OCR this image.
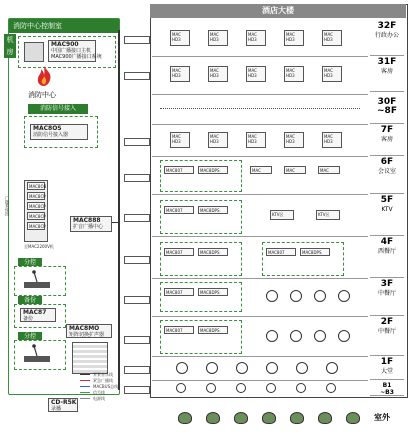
消防中心控制室
机房
MAC900
中国广播接口主机
MAC900广播接口系统
消防中心
消防信号接入
MAC8OS
消防信号接入器
MAC8OB
MAC8CP
MAC8CP
MAC8CP
MAC8CP
至MAC2200V机
MAC888
扩音广播中心
广播系统图
分控
备份
MAC87
备份
分控
MAC8MO
矩阵切换扩声器
CD-R5K
录播
背景音乐线
紧急广播线
MACBUS总线
信号线
电源线
酒店大楼
32F
行政办公
31F
客房
30F
~8F
7F
客房
6F
会议室
5F
KTV
4F
西餐厅
3F
中餐厅
2F
中餐厅
1F
大堂
B1
~B3
MAC
HD3
MAC
HD3
MAC
HD3
MAC
HD3
MAC
HD3
MAC
HD3
MAC
HD3
MAC
HD3
MAC
HD3
MAC
HD3
MAC
HD3
MAC
HD3
MAC
HD3
MAC
HD3
MAC
HD3
MAC807	MAC8DPS	MAC	MAC	MAC
MAC807	MAC8DPS
KTV区	KTV区
MAC807	MAC8DPS	MAC807	MAC8DPS
MAC807	MAC8DPS
MAC807	MAC8DPS
室外
